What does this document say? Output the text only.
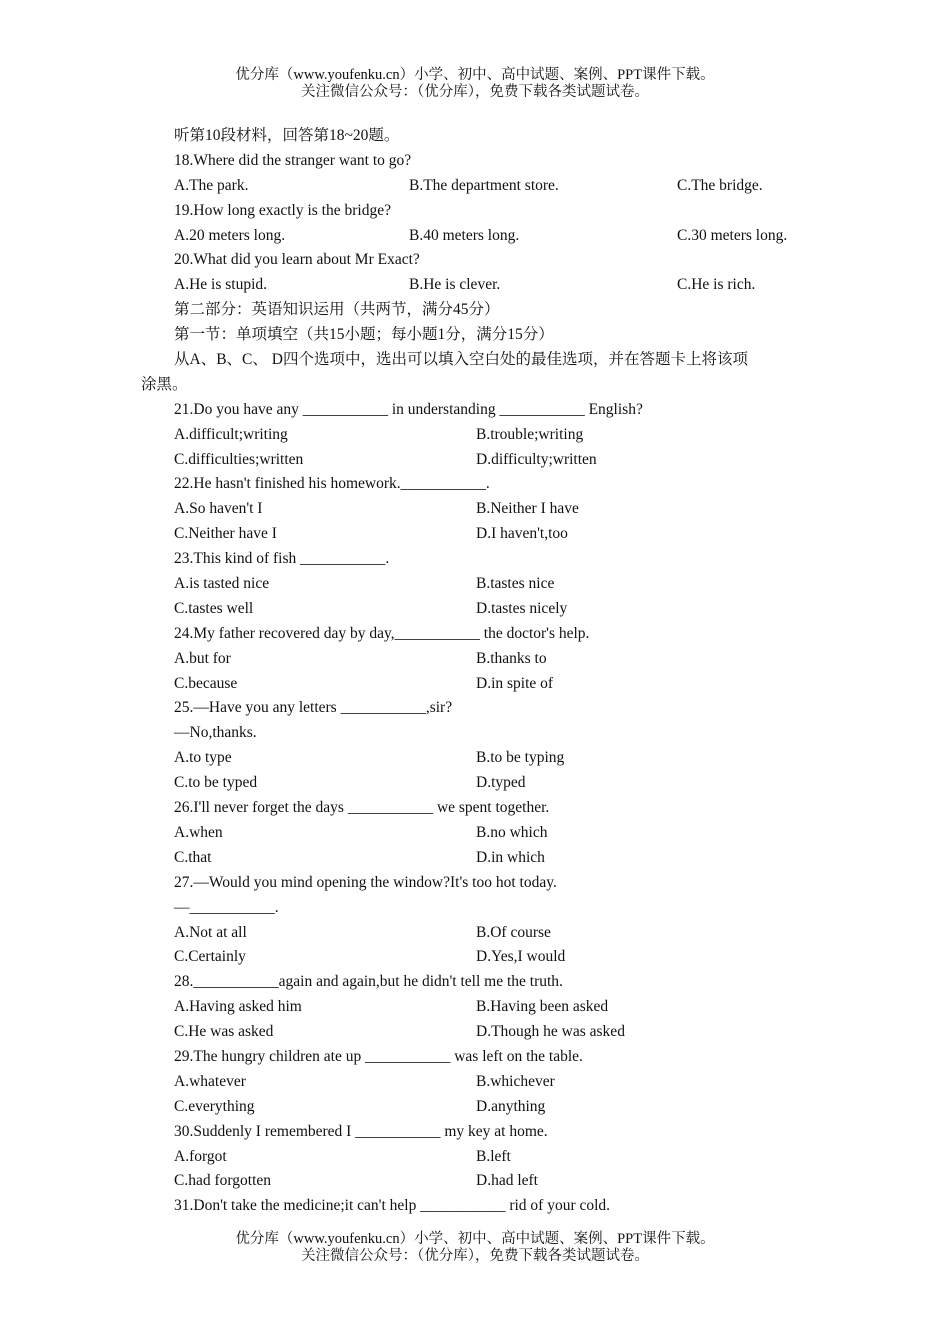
优分库（www.youfenku.cn）小学、初中、高中试题、案例、PPT课件下载。
关注微信公众号：（优分库），免费下载各类试题试卷。
听第10段材料，回答第18~20题。
18.Where did the stranger want to go?
A.The park.	B.The department store.	C.The bridge.
19.How long exactly is the bridge?
A.20 meters long.	B.40 meters long.	C.30 meters long.
20.What did you learn about Mr Exact?
A.He is stupid.	B.He is clever.	C.He is rich.
第二部分：英语知识运用（共两节，满分45分）
第一节：单项填空（共15小题；每小题1分，满分15分）
从A、B、C、 D四个选项中，选出可以填入空白处的最佳选项，并在答题卡上将该项
涂黑。
21.Do you have any ___________ in understanding ___________ English?
A.difficult;writing	B.trouble;writing
C.difficulties;written	D.difficulty;written
22.He hasn't finished his homework.___________.
A.So haven't I	B.Neither I have
C.Neither have I	D.I haven't,too
23.This kind of fish ___________.
A.is tasted nice	B.tastes nice
C.tastes well	D.tastes nicely
24.My father recovered day by day,___________ the doctor's help.
A.but for	B.thanks to
C.because	D.in spite of
25.—Have you any letters ___________,sir?
—No,thanks.
A.to type	B.to be typing
C.to be typed	D.typed
26.I'll never forget the days ___________ we spent together.
A.when	B.no which
C.that	D.in which
27.—Would you mind opening the window?It's too hot today.
—___________.
A.Not at all	B.Of course
C.Certainly	D.Yes,I would
28.___________again and again,but he didn't tell me the truth.
A.Having asked him	B.Having been asked
C.He was asked	D.Though he was asked
29.The hungry children ate up ___________ was left on the table.
A.whatever	B.whichever
C.everything	D.anything
30.Suddenly I remembered I ___________ my key at home.
A.forgot	B.left
C.had forgotten	D.had left
31.Don't take the medicine;it can't help ___________ rid of your cold.
优分库（www.youfenku.cn）小学、初中、高中试题、案例、PPT课件下载。
关注微信公众号：（优分库），免费下载各类试题试卷。
